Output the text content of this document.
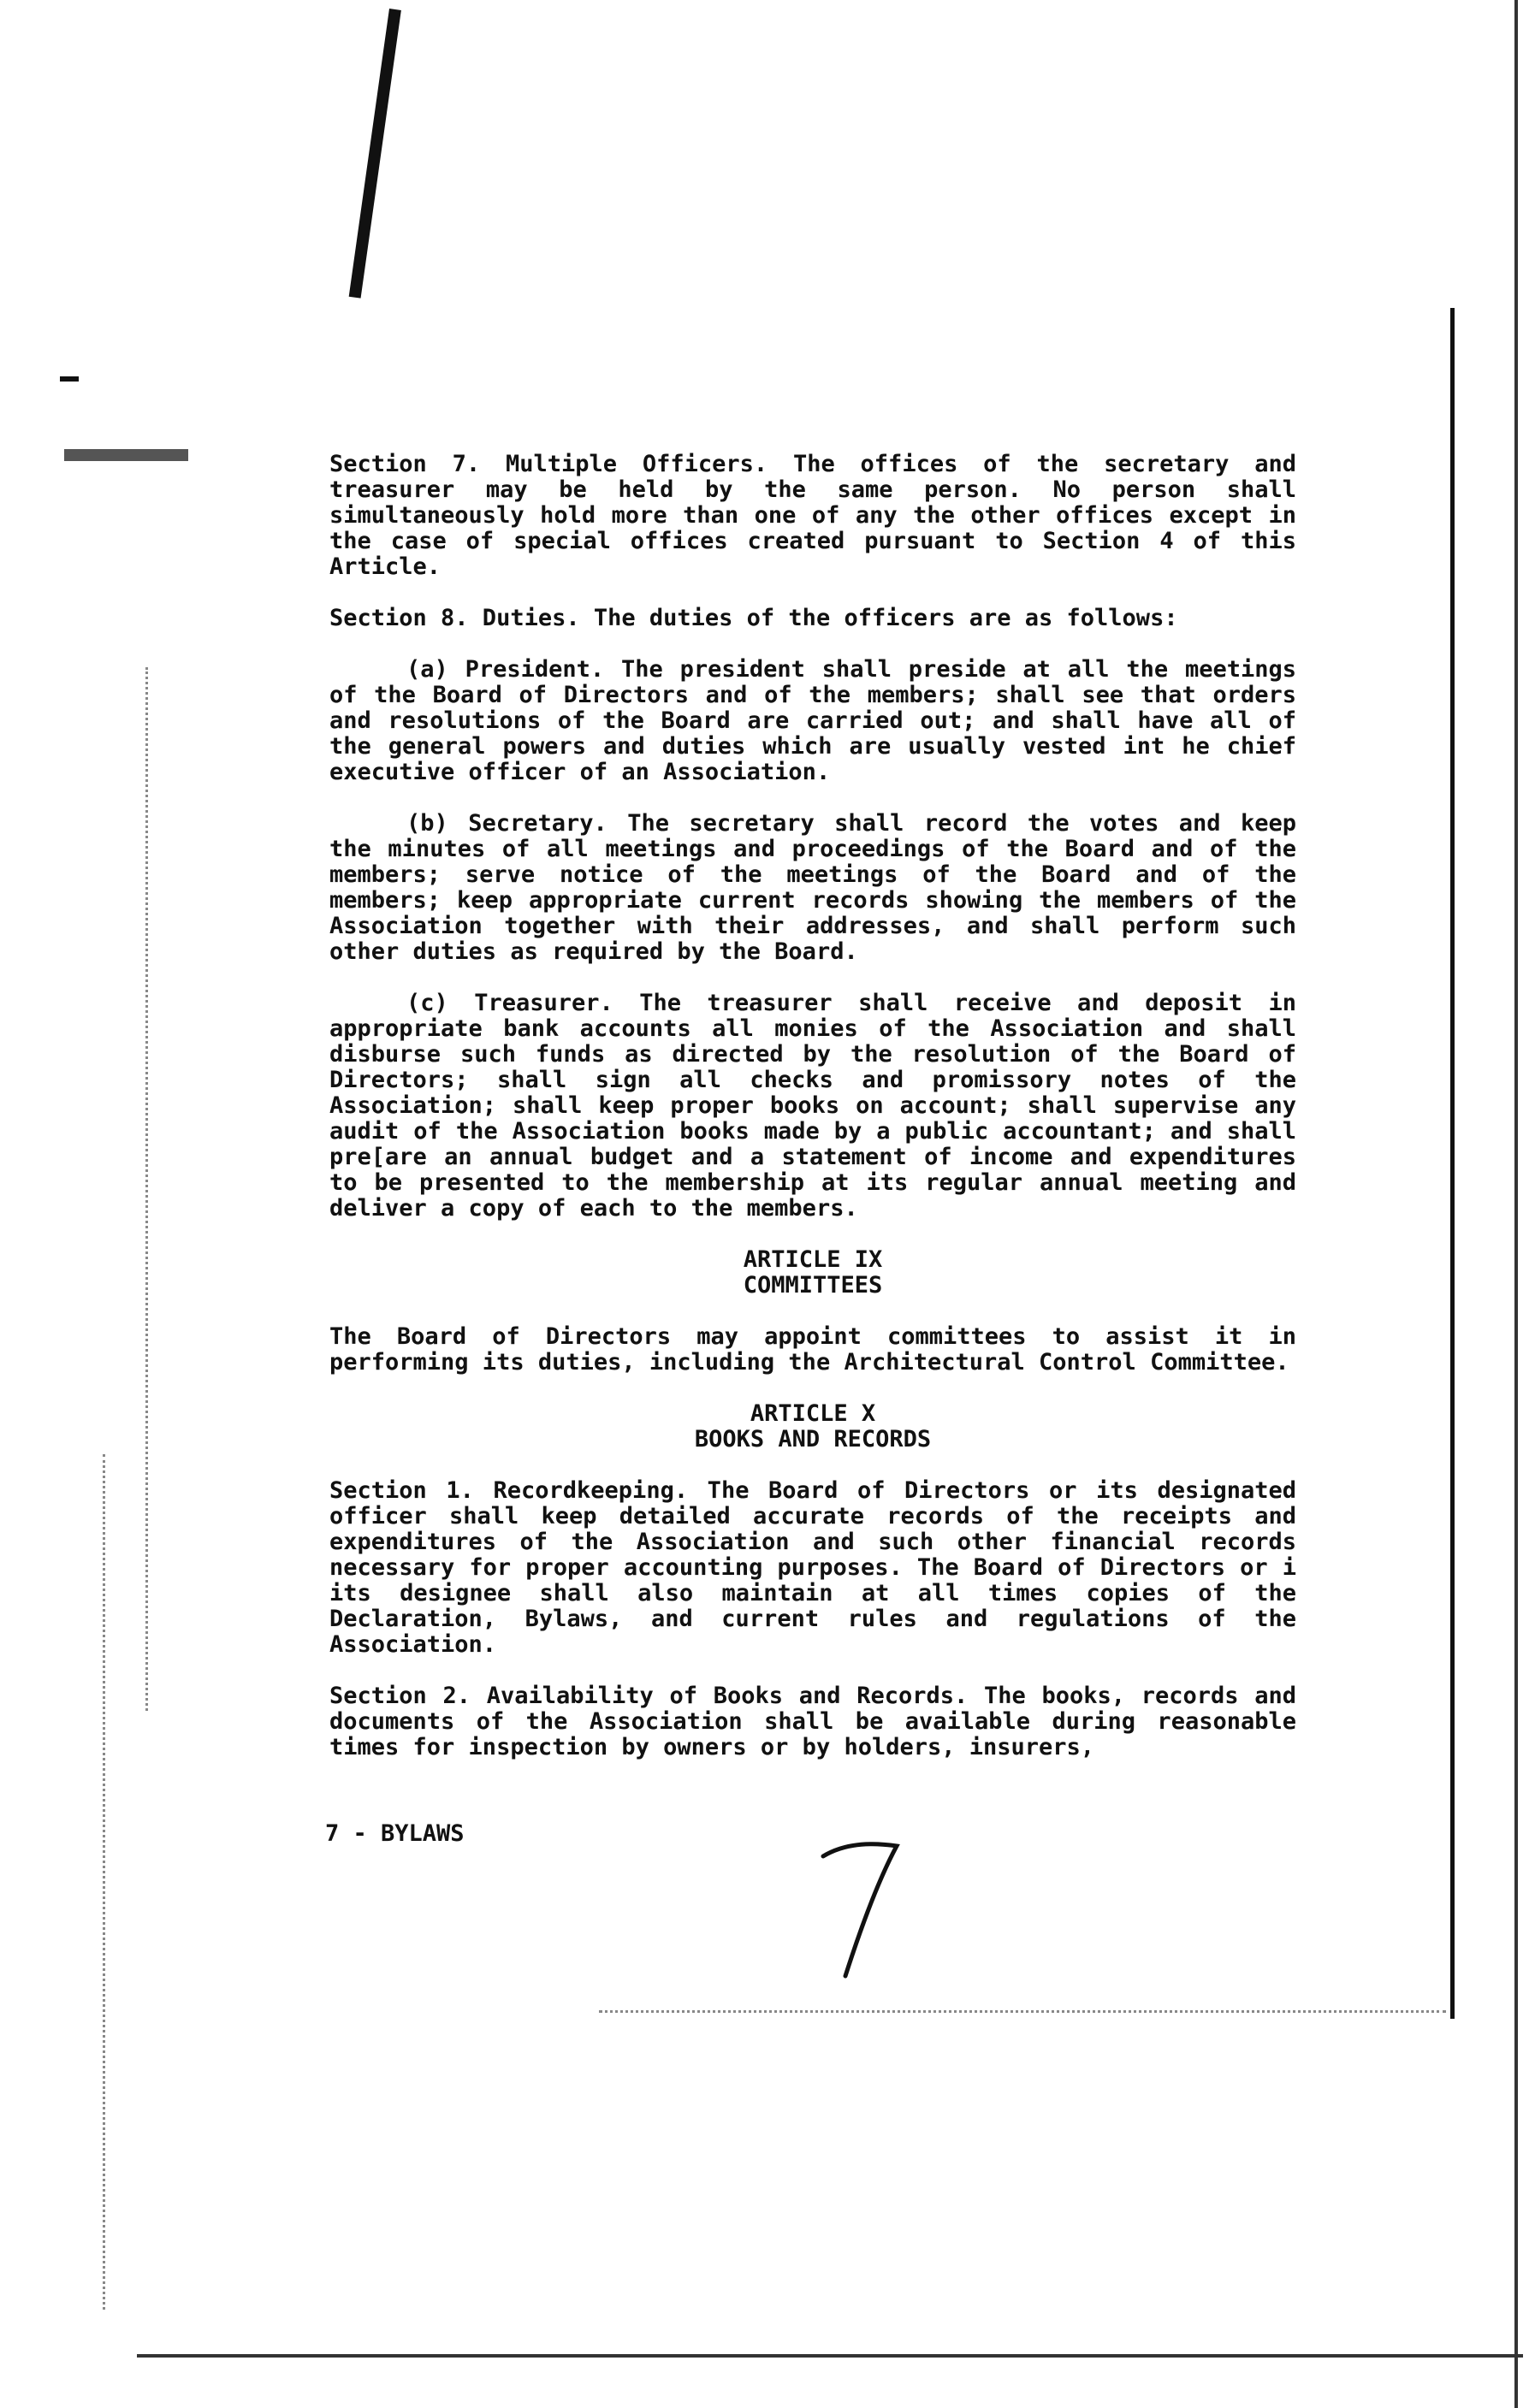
Section 7. Multiple Officers. The offices of the secretary and treasurer may be held by the same person. No person shall simultaneously hold more than one of any the other offices except in the case of special offices created pursuant to Section 4 of this Article.

Section 8. Duties. The duties of the officers are as follows:

(a) President. The president shall preside at all the meetings of the Board of Directors and of the members; shall see that orders and resolutions of the Board are carried out; and shall have all of the general powers and duties which are usually vested int he chief executive officer of an Association.

(b) Secretary. The secretary shall record the votes and keep the minutes of all meetings and proceedings of the Board and of the members; serve notice of the meetings of the Board and of the members; keep appropriate current records showing the members of the Association together with their addresses, and shall perform such other duties as required by the Board.

(c) Treasurer. The treasurer shall receive and deposit in appropriate bank accounts all monies of the Association and shall disburse such funds as directed by the resolution of the Board of Directors; shall sign all checks and promissory notes of the Association; shall keep proper books on account; shall supervise any audit of the Association books made by a public accountant; and shall pre[are an annual budget and a statement of income and expenditures to be presented to the membership at its regular annual meeting and deliver a copy of each to the members.

ARTICLE IX

COMMITTEES

The Board of Directors may appoint committees to assist it in performing its duties, including the Architectural Control Committee.

ARTICLE X

BOOKS AND RECORDS

Section 1. Recordkeeping. The Board of Directors or its designated officer shall keep detailed accurate records of the receipts and expenditures of the Association and such other financial records necessary for proper accounting purposes. The Board of Directors or i its designee shall also maintain at all times copies of the Declaration, Bylaws, and current rules and regulations of the Association.

Section 2. Availability of Books and Records. The books, records and documents of the Association shall be available during reasonable times for inspection by owners or by holders, insurers,

7 - BYLAWS
